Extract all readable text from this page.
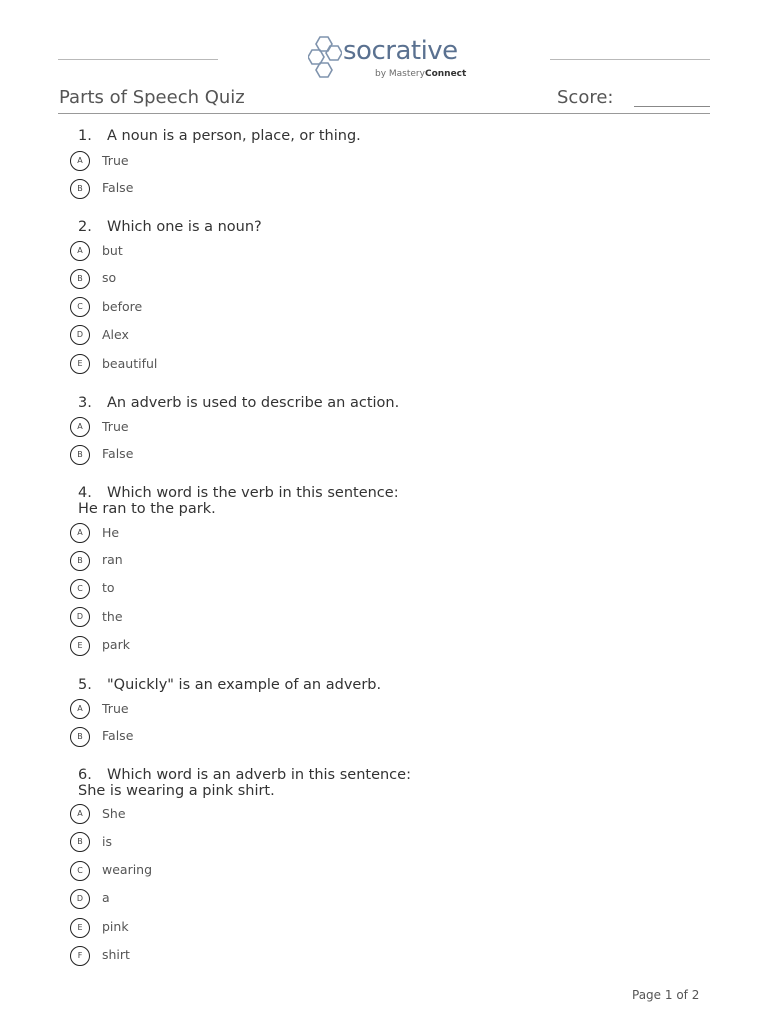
socrative
by MasteryConnect
Parts of Speech Quiz	Score:
1. A noun is a person, place, or thing.
A	True
B	False
2. Which one is a noun?
A	but
B	so
C	before
D	Alex
E	beautiful
3. An adverb is used to describe an action.
A	True
B	False
4. Which word is the verb in this sentence:
He ran to the park.
A	He
B	ran
C	to
D	the
E	park
5. "Quickly" is an example of an adverb.
A	True
B	False
6. Which word is an adverb in this sentence:
She is wearing a pink shirt.
A	She
B	is
C	wearing
D	a
E	pink
F	shirt
Page 1 of 2
